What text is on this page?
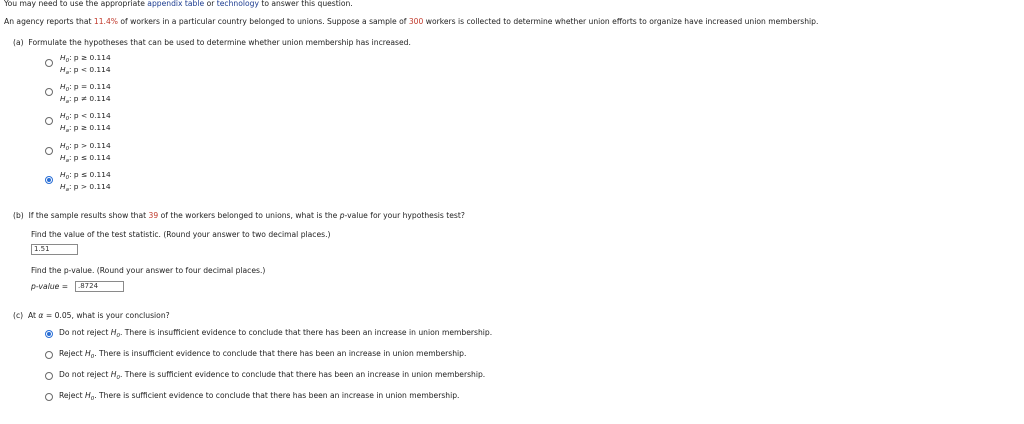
You may need to use the appropriate appendix table or technology to answer this question.
An agency reports that 11.4% of workers in a particular country belonged to unions. Suppose a sample of 300 workers is collected to determine whether union efforts to organize have increased union membership.
(a) Formulate the hypotheses that can be used to determine whether union membership has increased.
$H_0$: p ≥ 0.114
$H_a$: p < 0.114
$H_0$: p = 0.114
$H_a$: p ≠ 0.114
$H_0$: p < 0.114
$H_a$: p ≥ 0.114
$H_0$: p > 0.114
$H_a$: p ≤ 0.114
$H_0$: p ≤ 0.114
$H_a$: p > 0.114
(b) If the sample results show that 39 of the workers belonged to unions, what is the p-value for your hypothesis test?
Find the value of the test statistic. (Round your answer to two decimal places.)
1.51
Find the p-value. (Round your answer to four decimal places.)
p-value =	.8724
(c) At α = 0.05, what is your conclusion?
Do not reject $H_0$. There is insufficient evidence to conclude that there has been an increase in union membership.
Reject $H_0$. There is insufficient evidence to conclude that there has been an increase in union membership.
Do not reject $H_0$. There is sufficient evidence to conclude that there has been an increase in union membership.
Reject $H_0$. There is sufficient evidence to conclude that there has been an increase in union membership.
